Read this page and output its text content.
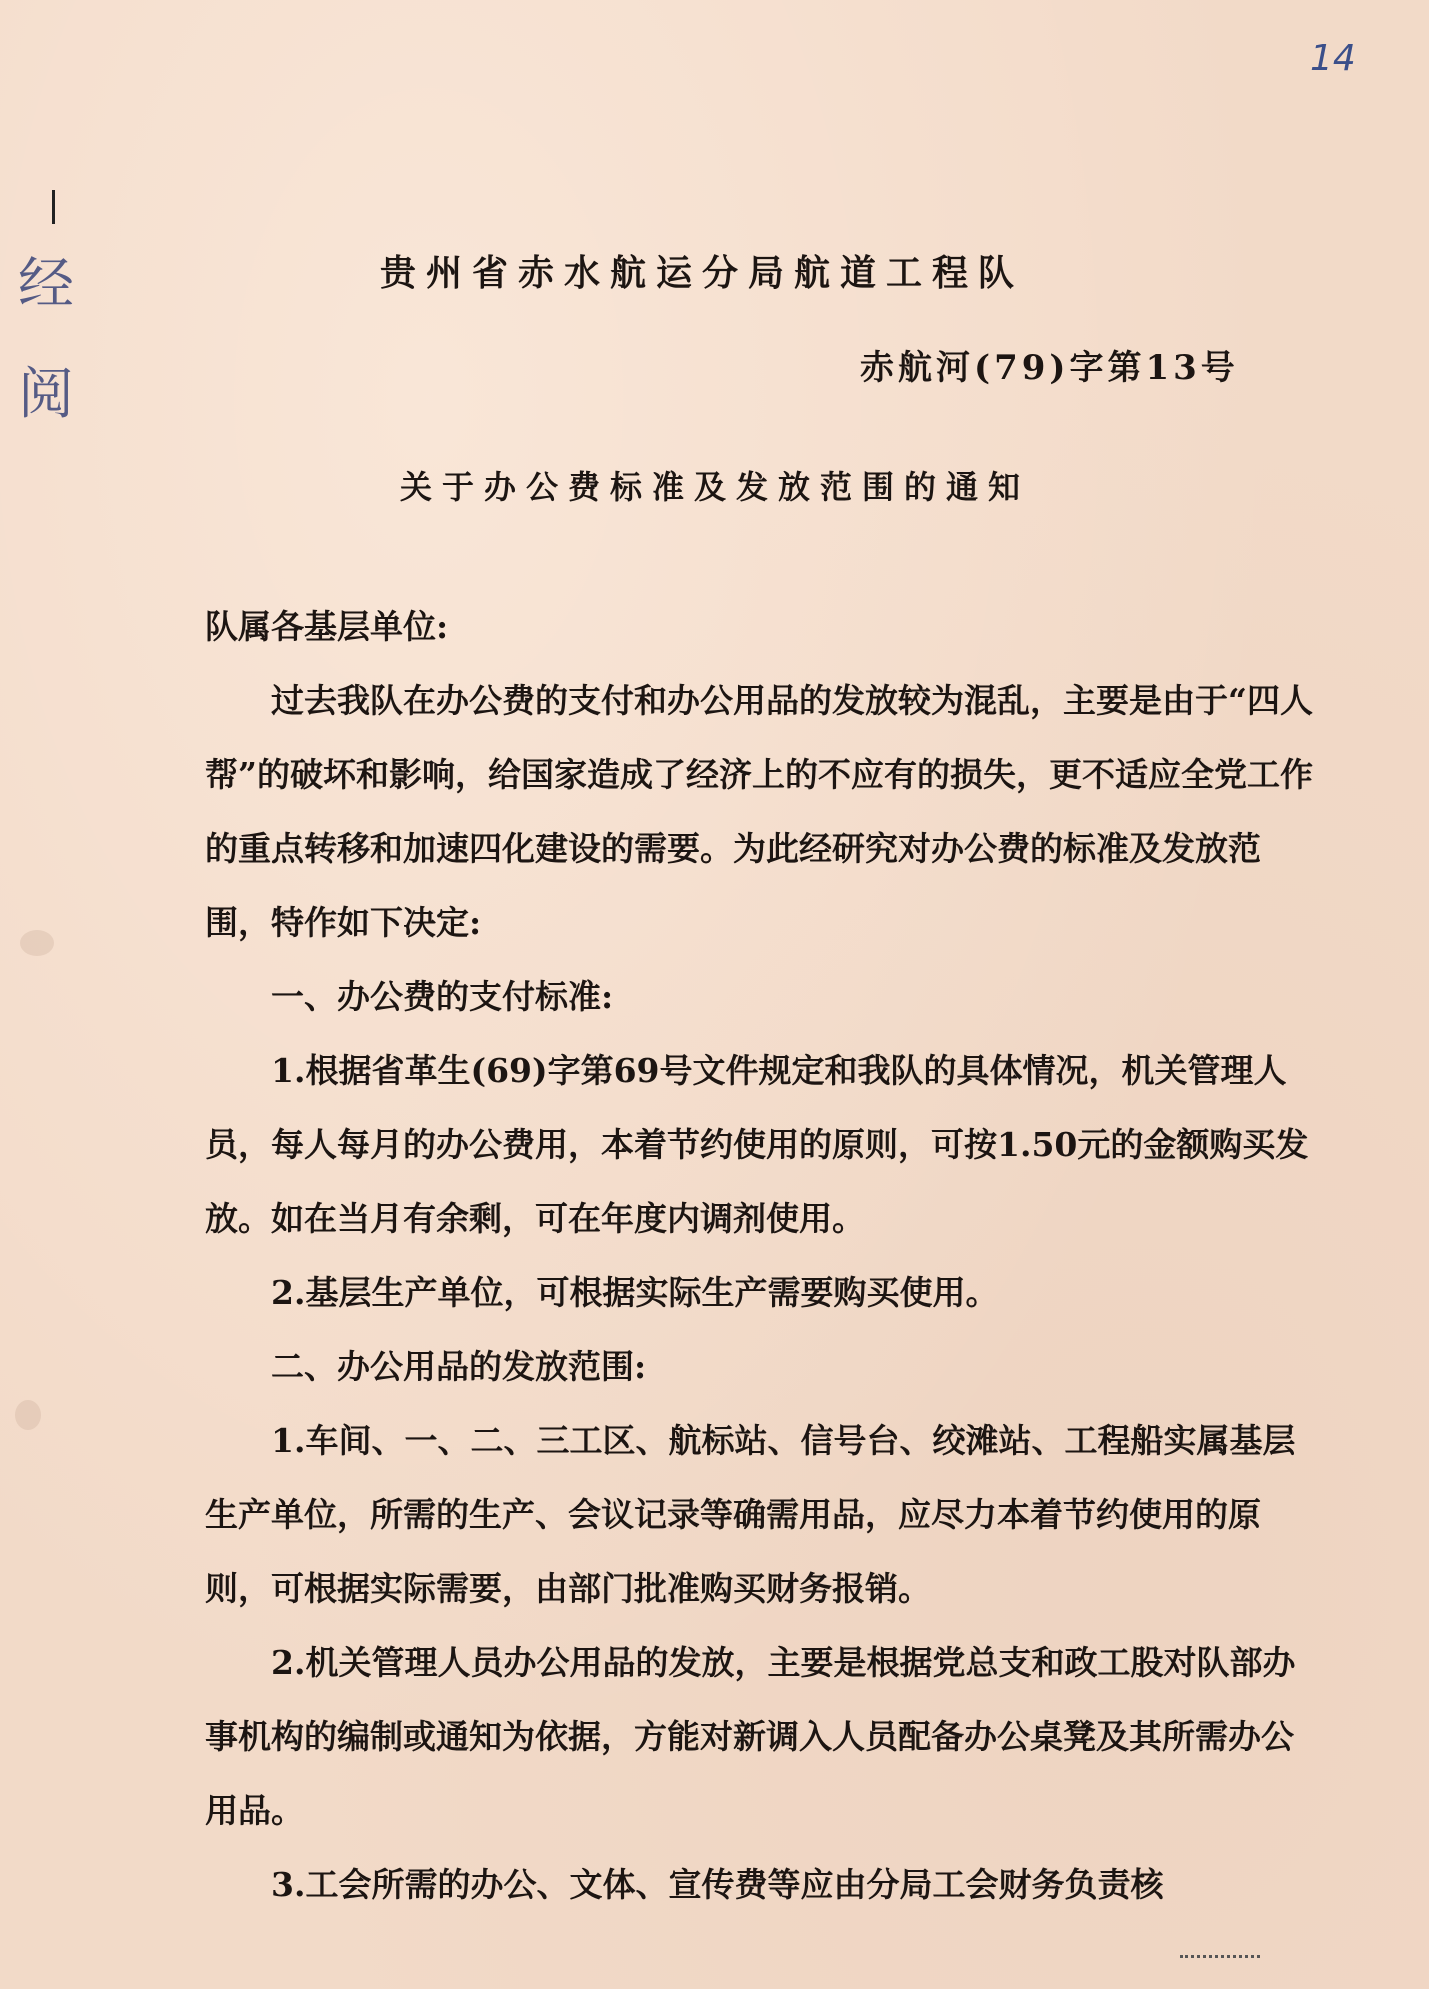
14
经 阅
贵州省赤水航运分局航道工程队
赤航河(79)字第13号
关于办公费标准及发放范围的通知

队属各基层单位:

过去我队在办公费的支付和办公用品的发放较为混乱，主要是由于“四人帮”的破坏和影响，给国家造成了经济上的不应有的损失，更不适应全党工作的重点转移和加速四化建设的需要。为此经研究对办公费的标准及发放范围，特作如下决定:

一、办公费的支付标准:

1.根据省革生(69)字第69号文件规定和我队的具体情况，机关管理人员，每人每月的办公费用，本着节约使用的原则，可按1.50元的金额购买发放。如在当月有余剩，可在年度内调剂使用。

2.基层生产单位，可根据实际生产需要购买使用。

二、办公用品的发放范围:

1.车间、一、二、三工区、航标站、信号台、绞滩站、工程船实属基层生产单位，所需的生产、会议记录等确需用品，应尽力本着节约使用的原则，可根据实际需要，由部门批准购买财务报销。

2.机关管理人员办公用品的发放，主要是根据党总支和政工股对队部办事机构的编制或通知为依据，方能对新调入人员配备办公桌凳及其所需办公用品。

3.工会所需的办公、文体、宣传费等应由分局工会财务负责核
